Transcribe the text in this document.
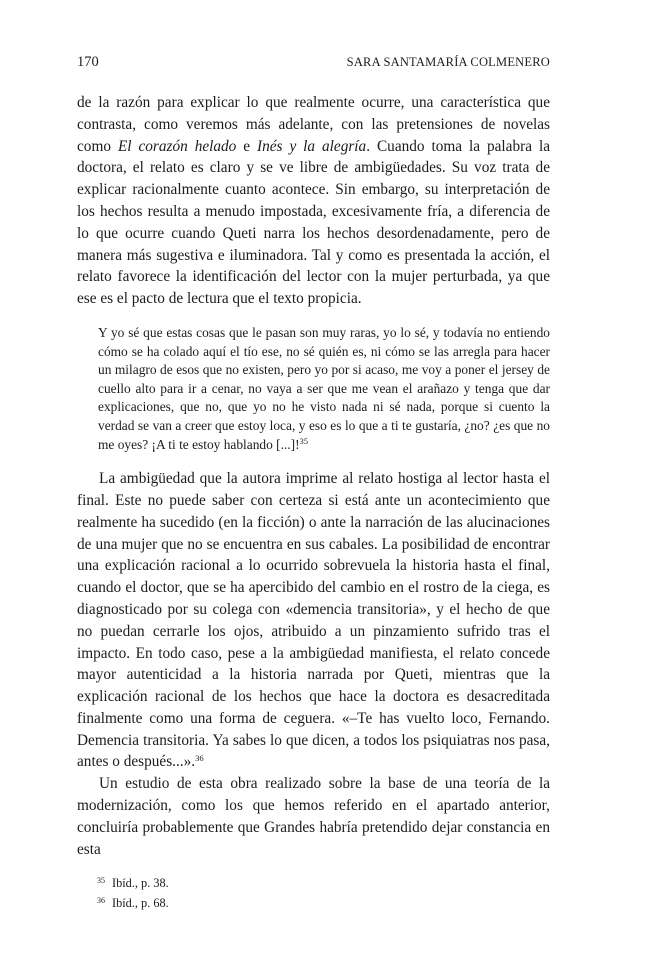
170	SARA SANTAMARÍA COLMENERO

de la razón para explicar lo que realmente ocurre, una característica que contrasta, como veremos más adelante, con las pretensiones de novelas como El corazón helado e Inés y la alegría. Cuando toma la palabra la doctora, el relato es claro y se ve libre de ambigüedades. Su voz trata de explicar racionalmente cuanto acontece. Sin embargo, su interpretación de los hechos resulta a menudo impostada, excesivamente fría, a diferencia de lo que ocurre cuando Queti narra los hechos desordenadamente, pero de manera más sugestiva e iluminadora. Tal y como es presentada la acción, el relato favorece la identificación del lector con la mujer perturbada, ya que ese es el pacto de lectura que el texto propicia.

Y yo sé que estas cosas que le pasan son muy raras, yo lo sé, y todavía no entiendo cómo se ha colado aquí el tío ese, no sé quién es, ni cómo se las arregla para hacer un milagro de esos que no existen, pero yo por si acaso, me voy a poner el jersey de cuello alto para ir a cenar, no vaya a ser que me vean el arañazo y tenga que dar explicaciones, que no, que yo no he visto nada ni sé nada, porque si cuento la verdad se van a creer que estoy loca, y eso es lo que a ti te gustaría, ¿no? ¿es que no me oyes? ¡A ti te estoy hablando [...]!$^{35}$

La ambigüedad que la autora imprime al relato hostiga al lector hasta el final. Este no puede saber con certeza si está ante un acontecimiento que realmente ha sucedido (en la ficción) o ante la narración de las alucinaciones de una mujer que no se encuentra en sus cabales. La posibilidad de encontrar una explicación racional a lo ocurrido sobrevuela la historia hasta el final, cuando el doctor, que se ha apercibido del cambio en el rostro de la ciega, es diagnosticado por su colega con «demencia transitoria», y el hecho de que no puedan cerrarle los ojos, atribuido a un pinzamiento sufrido tras el impacto. En todo caso, pese a la ambigüedad manifiesta, el relato concede mayor autenticidad a la historia narrada por Queti, mientras que la explicación racional de los hechos que hace la doctora es desacreditada finalmente como una forma de ceguera. «–Te has vuelto loco, Fernando. Demencia transitoria. Ya sabes lo que dicen, a todos los psiquiatras nos pasa, antes o después...».$^{36}$

Un estudio de esta obra realizado sobre la base de una teoría de la modernización, como los que hemos referido en el apartado anterior, concluiría probablemente que Grandes habría pretendido dejar constancia en esta

$^{35}$ Ibíd., p. 38.
$^{36}$ Ibíd., p. 68.
